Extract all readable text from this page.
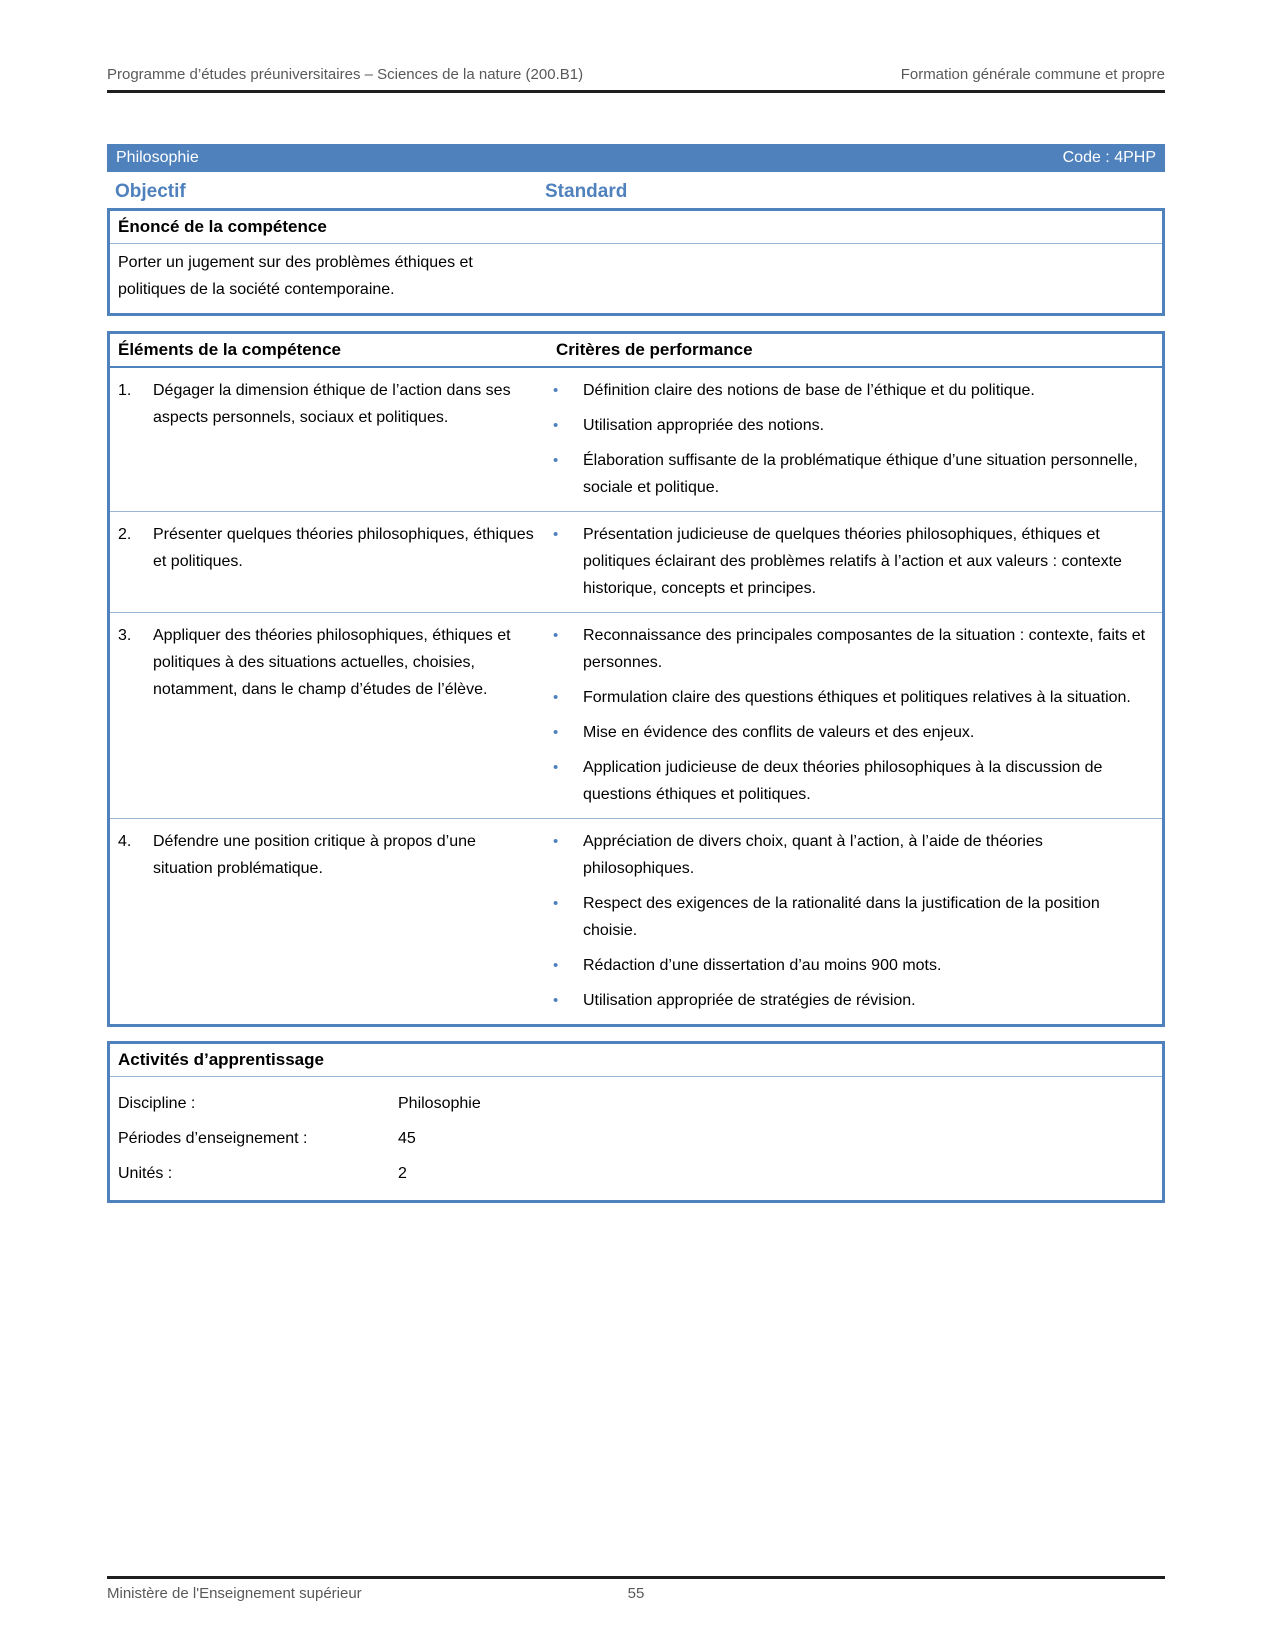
Programme d’études préuniversitaires – Sciences de la nature (200.B1)	Formation générale commune et propre
Philosophie	Code : 4PHP
Objectif	Standard
Énoncé de la compétence
Porter un jugement sur des problèmes éthiques et politiques de la société contemporaine.
Éléments de la compétence	Critères de performance
1.	Dégager la dimension éthique de l’action dans ses aspects personnels, sociaux et politiques.
•	Définition claire des notions de base de l’éthique et du politique.
•	Utilisation appropriée des notions.
•	Élaboration suffisante de la problématique éthique d’une situation personnelle, sociale et politique.
2.	Présenter quelques théories philosophiques, éthiques et politiques.
•	Présentation judicieuse de quelques théories philosophiques, éthiques et politiques éclairant des problèmes relatifs à l’action et aux valeurs : contexte historique, concepts et principes.
3.	Appliquer des théories philosophiques, éthiques et politiques à des situations actuelles, choisies, notamment, dans le champ d’études de l’élève.
•	Reconnaissance des principales composantes de la situation : contexte, faits et personnes.
•	Formulation claire des questions éthiques et politiques relatives à la situation.
•	Mise en évidence des conflits de valeurs et des enjeux.
•	Application judicieuse de deux théories philosophiques à la discussion de questions éthiques et politiques.
4.	Défendre une position critique à propos d’une situation problématique.
•	Appréciation de divers choix, quant à l’action, à l’aide de théories philosophiques.
•	Respect des exigences de la rationalité dans la justification de la position choisie.
•	Rédaction d’une dissertation d’au moins 900 mots.
•	Utilisation appropriée de stratégies de révision.
Activités d’apprentissage
Discipline :	Philosophie
Périodes d’enseignement :	45
Unités :	2
Ministère de l'Enseignement supérieur	55
